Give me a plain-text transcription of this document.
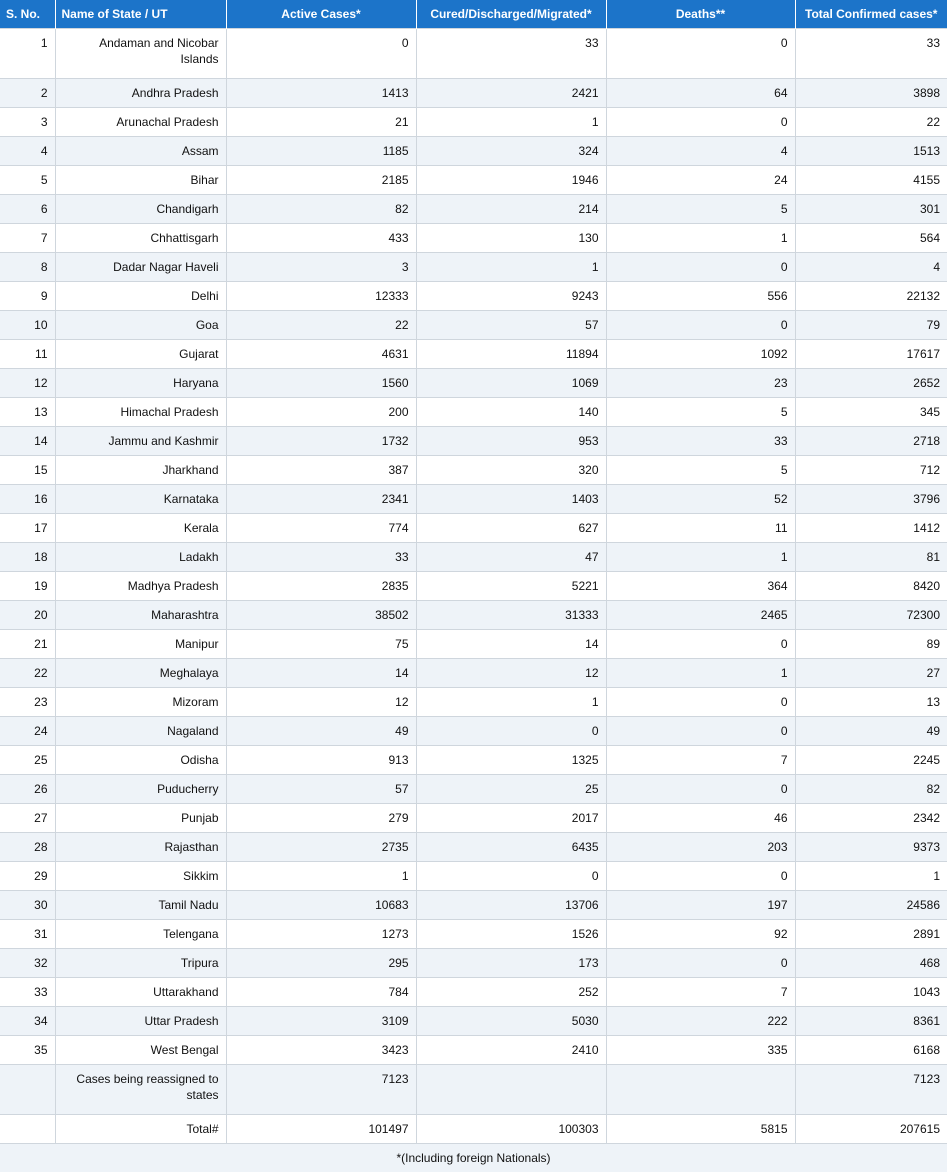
S. No.	Name of State / UT	Active Cases*	Cured/Discharged/Migrated*	Deaths**	Total Confirmed cases*
1	Andaman and Nicobar Islands	0	33	0	33
2	Andhra Pradesh	1413	2421	64	3898
3	Arunachal Pradesh	21	1	0	22
4	Assam	1185	324	4	1513
5	Bihar	2185	1946	24	4155
6	Chandigarh	82	214	5	301
7	Chhattisgarh	433	130	1	564
8	Dadar Nagar Haveli	3	1	0	4
9	Delhi	12333	9243	556	22132
10	Goa	22	57	0	79
11	Gujarat	4631	11894	1092	17617
12	Haryana	1560	1069	23	2652
13	Himachal Pradesh	200	140	5	345
14	Jammu and Kashmir	1732	953	33	2718
15	Jharkhand	387	320	5	712
16	Karnataka	2341	1403	52	3796
17	Kerala	774	627	11	1412
18	Ladakh	33	47	1	81
19	Madhya Pradesh	2835	5221	364	8420
20	Maharashtra	38502	31333	2465	72300
21	Manipur	75	14	0	89
22	Meghalaya	14	12	1	27
23	Mizoram	12	1	0	13
24	Nagaland	49	0	0	49
25	Odisha	913	1325	7	2245
26	Puducherry	57	25	0	82
27	Punjab	279	2017	46	2342
28	Rajasthan	2735	6435	203	9373
29	Sikkim	1	0	0	1
30	Tamil Nadu	10683	13706	197	24586
31	Telengana	1273	1526	92	2891
32	Tripura	295	173	0	468
33	Uttarakhand	784	252	7	1043
34	Uttar Pradesh	3109	5030	222	8361
35	West Bengal	3423	2410	335	6168
	Cases being reassigned to states	7123			7123
	Total#	101497	100303	5815	207615
*(Including foreign Nationals)					
